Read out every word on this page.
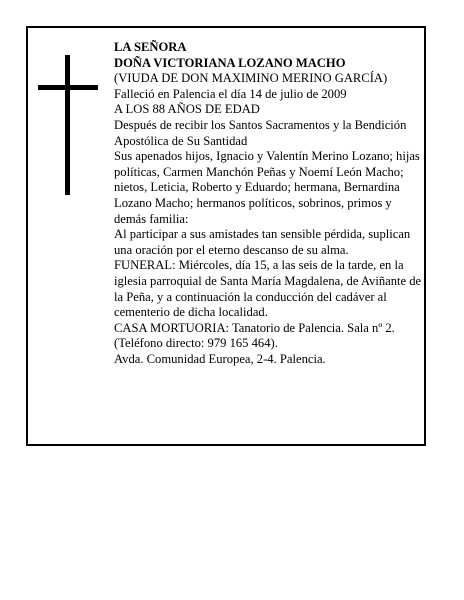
LA SEÑORA

DOÑA VICTORIANA LOZANO MACHO

(VIUDA DE DON MAXIMINO MERINO GARCÍA)

Falleció en Palencia el día 14 de julio de 2009

A LOS 88 AÑOS DE EDAD

Después de recibir los Santos Sacramentos y la Bendición Apostólica de Su Santidad

Sus apenados hijos, Ignacio y Valentín Merino Lozano; hijas políticas, Carmen Manchón Peñas y Noemí León Macho; nietos, Leticia, Roberto y Eduardo; hermana, Bernardina Lozano Macho; hermanos políticos, sobrinos, primos y demás familia:

Al participar a sus amistades tan sensible pérdida, suplican una oración por el eterno descanso de su alma.

FUNERAL: Miércoles, día 15, a las seis de la tarde, en la iglesia parroquial de Santa María Magdalena, de Aviñante de la Peña, y a continuación la conducción del cadáver al cementerio de dicha localidad.

CASA MORTUORIA: Tanatorio de Palencia. Sala nº 2. (Teléfono directo: 979 165 464).

Avda. Comunidad Europea, 2-4. Palencia.
